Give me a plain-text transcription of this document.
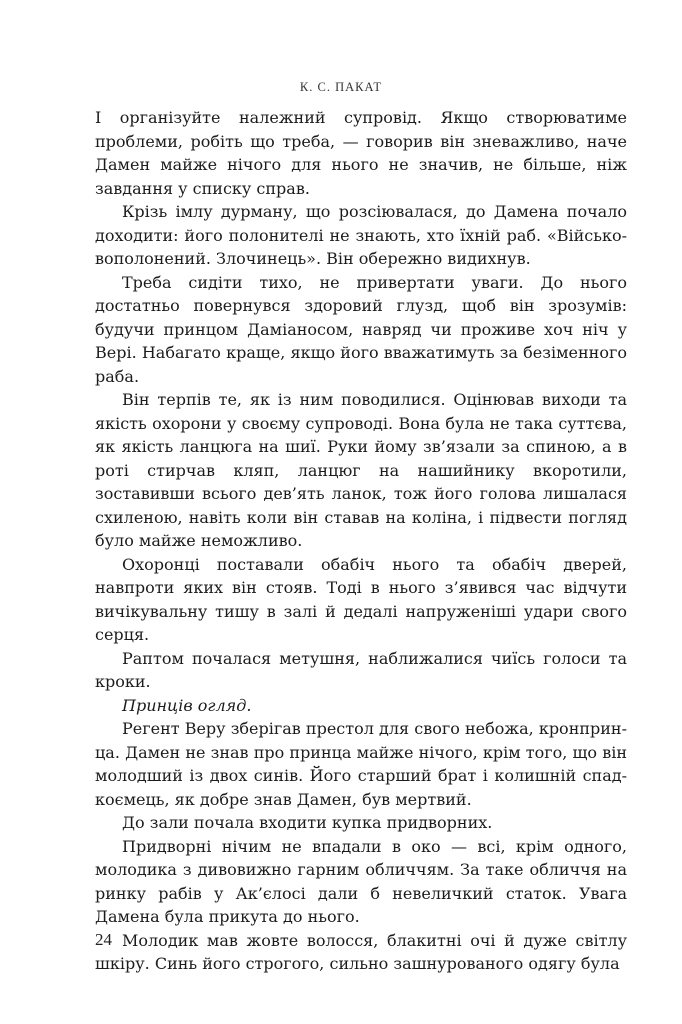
К. С. ПАКАТ

І організуйте належний супровід. Якщо створюватиме проблеми, робіть що треба, — говорив він зневажливо, наче Дамен майже нічого для нього не значив, не більше, ніж завдання у списку справ.

Крізь імлу дурману, що розсіювалася, до Дамена почало доходити: його полонителі не знають, хто їхній раб. «Військовополонений. Злочинець». Він обережно видихнув.

Треба сидіти тихо, не привертати уваги. До нього достатньо повернувся здоровий глузд, щоб він зрозумів: будучи принцом Даміаносом, навряд чи проживе хоч ніч у Вері. Набагато краще, якщо його вважатимуть за безіменного раба.

Він терпів те, як із ним поводилися. Оцінював виходи та якість охорони у своєму супроводі. Вона була не така суттєва, як якість ланцюга на шиї. Руки йому зв’язали за спиною, а в роті стирчав кляп, ланцюг на нашийнику вкоротили, зоставивши всього дев’ять ланок, тож його голова лишалася схиленою, навіть коли він ставав на коліна, і підвести погляд було майже неможливо.

Охоронці поставали обабіч нього та обабіч дверей, навпроти яких він стояв. Тоді в нього з’явився час відчути вичікувальну тишу в залі й дедалі напруженіші удари свого серця.

Раптом почалася метушня, наближалися чиїсь голоси та кроки.

Принців огляд.

Регент Веру зберігав престол для свого небожа, кронпринца. Дамен не знав про принца майже нічого, крім того, що він молодший із двох синів. Його старший брат і колишній спадкоємець, як добре знав Дамен, був мертвий.

До зали почала входити купка придворних.

Придворні нічим не впадали в око — всі, крім одного, молодика з дивовижно гарним обличчям. За таке обличчя на ринку рабів у Ак’єлосі дали б невеличкий статок. Увага Дамена була прикута до нього.

Молодик мав жовте волосся, блакитні очі й дуже світлу шкіру. Синь його строгого, сильно зашнурованого одягу була

24
